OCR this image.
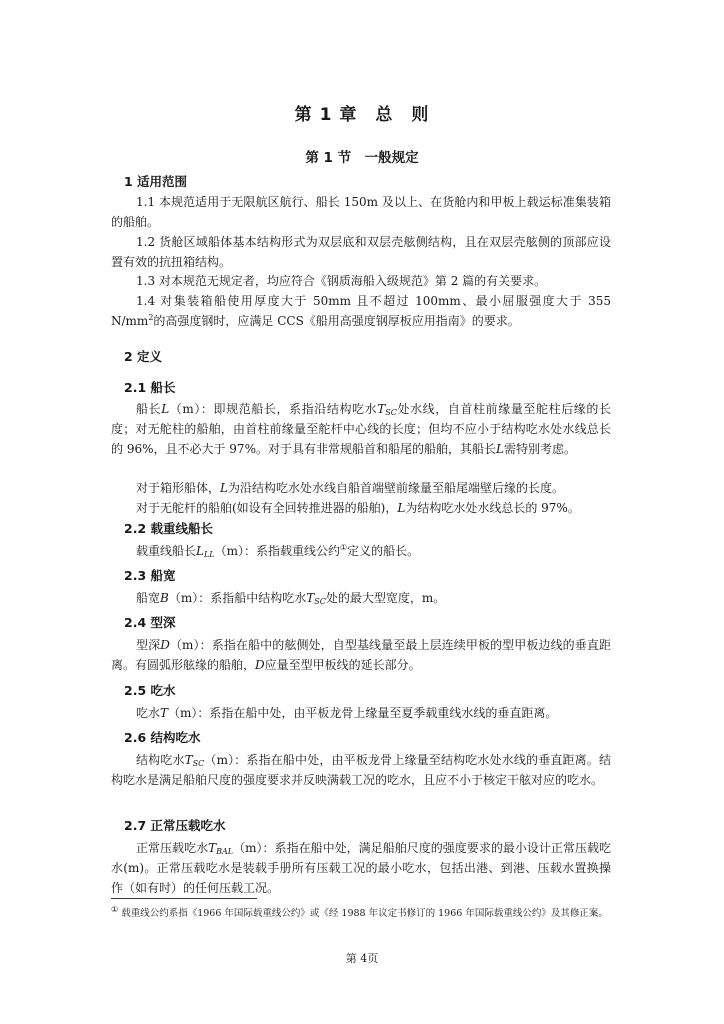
第 1 章　总　则
第 1 节　一般规定
1 适用范围
1.1 本规范适用于无限航区航行、船长 150m 及以上、在货舱内和甲板上载运标准集装箱的船舶。
1.2 货舱区域船体基本结构形式为双层底和双层壳舷侧结构，且在双层壳舷侧的顶部应设置有效的抗扭箱结构。
1.3 对本规范无规定者，均应符合《钢质海船入级规范》第 2 篇的有关要求。
1.4 对集装箱船使用厚度大于 50mm 且不超过 100mm、最小屈服强度大于 355 $N/mm^2$的高强度钢时，应满足 CCS《船用高强度钢厚板应用指南》的要求。
2 定义
2.1 船长
船长L（m）：即规范船长，系指沿结构吃水$T_{SC}$处水线，自首柱前缘量至舵柱后缘的长度；对无舵柱的船舶，由首柱前缘量至舵杆中心线的长度；但均不应小于结构吃水处水线总长的 96%，且不必大于 97%。对于具有非常规船首和船尾的船舶，其船长L需特别考虑。
对于箱形船体，L为沿结构吃水处水线自船首端壁前缘量至船尾端壁后缘的长度。
对于无舵杆的船舶(如设有全回转推进器的船舶)，L为结构吃水处水线总长的 97%。
2.2 载重线船长
载重线船长$L_{LL}(m)$：系指载重线公约①定义的船长。
2.3 船宽
船宽B（m）：系指船中结构吃水$T_{SC}$处的最大型宽度，m。
2.4 型深
型深D（m）：系指在船中的舷侧处，自型基线量至最上层连续甲板的型甲板边线的垂直距离。有圆弧形舷缘的船舶，D应量至型甲板线的延长部分。
2.5 吃水
吃水T（m）：系指在船中处，由平板龙骨上缘量至夏季载重线水线的垂直距离。
2.6 结构吃水
结构吃水$T_{SC}(m)$：系指在船中处，由平板龙骨上缘量至结构吃水处水线的垂直距离。结构吃水是满足船舶尺度的强度要求并反映满载工况的吃水，且应不小于核定干舷对应的吃水。
2.7 正常压载吃水
正常压载吃水$T_{BAL}(m)$：系指在船中处，满足船舶尺度的强度要求的最小设计正常压载吃水(m)。正常压载吃水是装载手册所有压载工况的最小吃水，包括出港、到港、压载水置换操作（如有时）的任何压载工况。
① 载重线公约系指《1966 年国际载重线公约》或《经 1988 年议定书修订的 1966 年国际载重线公约》及其修正案。
第 4页
